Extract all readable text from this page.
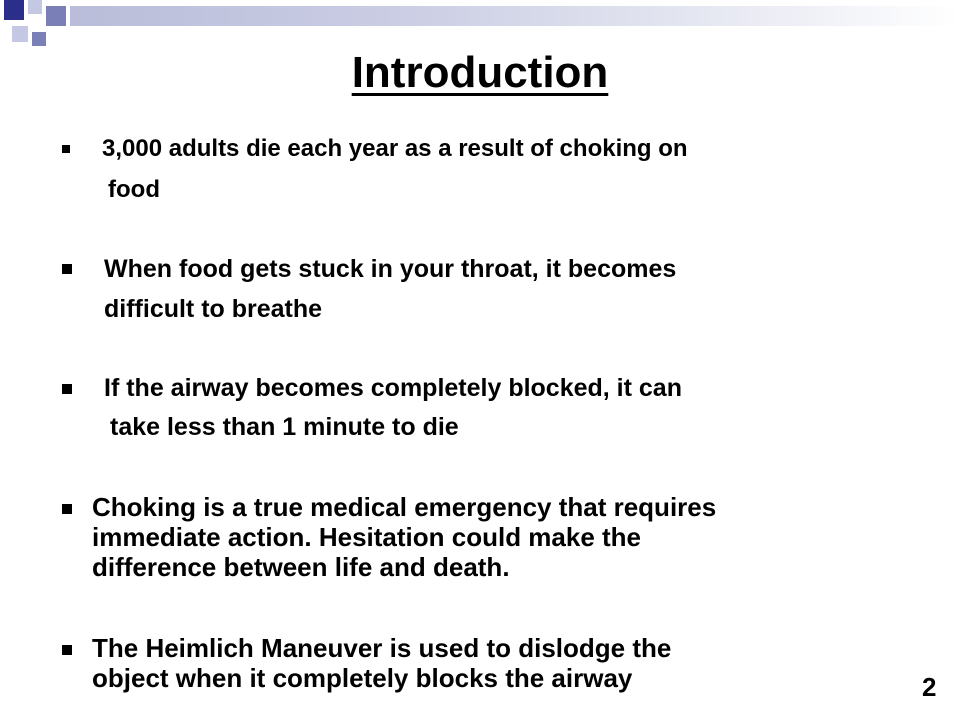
Introduction
3,000 adults die each year as a result of choking on
food
When food gets stuck in your throat, it becomes
difficult to breathe
If the airway becomes completely blocked, it can
take less than 1 minute to die
Choking is a true medical emergency that requires
immediate action. Hesitation could make the
difference between life and death.
The Heimlich Maneuver is used to dislodge the
object when it completely blocks the airway	2
